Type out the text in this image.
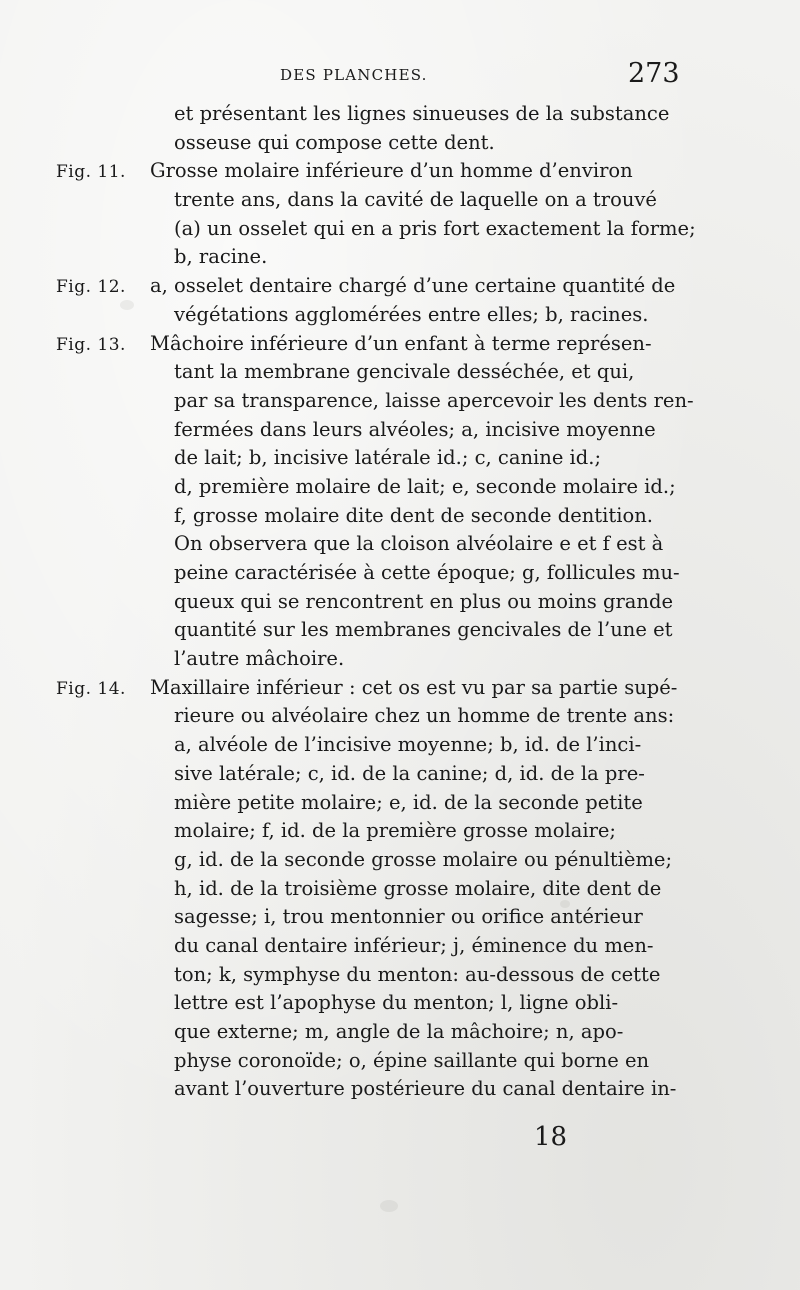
DES PLANCHES.	273
et présentant les lignes sinueuses de la substance
osseuse qui compose cette dent.
Fig. 11. Grosse molaire inférieure d’un homme d’environ
trente ans, dans la cavité de laquelle on a trouvé
(a) un osselet qui en a pris fort exactement la forme;
b, racine.
Fig. 12. a, osselet dentaire chargé d’une certaine quantité de
végétations agglomérées entre elles; b, racines.
Fig. 13. Mâchoire inférieure d’un enfant à terme représen-
tant la membrane gencivale desséchée, et qui,
par sa transparence, laisse apercevoir les dents ren-
fermées dans leurs alvéoles; a, incisive moyenne
de lait; b, incisive latérale id.; c, canine id.;
d, première molaire de lait; e, seconde molaire id.;
f, grosse molaire dite dent de seconde dentition.
On observera que la cloison alvéolaire e et f est à
peine caractérisée à cette époque; g, follicules mu-
queux qui se rencontrent en plus ou moins grande
quantité sur les membranes gencivales de l’une et
l’autre mâchoire.
Fig. 14. Maxillaire inférieur : cet os est vu par sa partie supé-
rieure ou alvéolaire chez un homme de trente ans:
a, alvéole de l’incisive moyenne; b, id. de l’inci-
sive latérale; c, id. de la canine; d, id. de la pre-
mière petite molaire; e, id. de la seconde petite
molaire; f, id. de la première grosse molaire;
g, id. de la seconde grosse molaire ou pénultième;
h, id. de la troisième grosse molaire, dite dent de
sagesse; i, trou mentonnier ou orifice antérieur
du canal dentaire inférieur; j, éminence du men-
ton; k, symphyse du menton: au-dessous de cette
lettre est l’apophyse du menton; l, ligne obli-
que externe; m, angle de la mâchoire; n, apo-
physe coronoïde; o, épine saillante qui borne en
avant l’ouverture postérieure du canal dentaire in-
18
